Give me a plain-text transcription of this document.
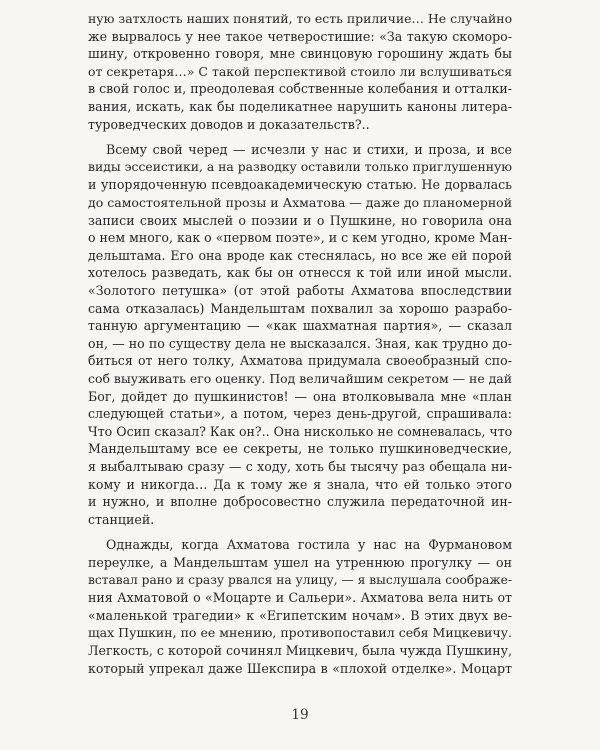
ную затхлость наших понятий, то есть приличие… Не случайно
же вырвалось у нее такое четверостишие: «За такую скоморо-
шину, откровенно говоря, мне свинцовую горошину ждать бы
от секретаря…» С такой перспективой стоило ли вслушиваться
в свой голос и, преодолевая собственные колебания и отталки-
вания, искать, как бы поделикатнее нарушить каноны литера-
туроведческих доводов и доказательств?..
Всему свой черед — исчезли у нас и стихи, и проза, и все
виды эссеистики, а на разводку оставили только приглушенную
и упорядоченную псевдоакадемическую статью. Не дорвалась
до самостоятельной прозы и Ахматова — даже до планомерной
записи своих мыслей о поэзии и о Пушкине, но говорила она
о нем много, как о «первом поэте», и с кем угодно, кроме Ман-
дельштама. Его она вроде как стеснялась, но все же ей порой
хотелось разведать, как бы он отнесся к той или иной мысли.
«Золотого петушка» (от этой работы Ахматова впоследствии
сама отказалась) Мандельштам похвалил за хорошо разрабо-
танную аргументацию — «как шахматная партия», — сказал
он, — но по существу дела не высказался. Зная, как трудно до-
биться от него толку, Ахматова придумала своеобразный спо-
соб выуживать его оценку. Под величайшим секретом — не дай
Бог, дойдет до пушкинистов! — она втолковывала мне «план
следующей статьи», а потом, через день-другой, спрашивала:
Что Осип сказал? Как он?.. Она нисколько не сомневалась, что
Мандельштаму все ее секреты, не только пушкиноведческие,
я выбалтываю сразу — с ходу, хоть бы тысячу раз обещала ни-
кому и никогда… Да к тому же я знала, что ей только этого
и нужно, и вполне добросовестно служила передаточной ин-
станцией.
Однажды, когда Ахматова гостила у нас на Фурмановом
переулке, а Мандельштам ушел на утреннюю прогулку — он
вставал рано и сразу рвался на улицу, — я выслушала соображе-
ния Ахматовой о «Моцарте и Сальери». Ахматова вела нить от
«маленькой трагедии» к «Египетским ночам». В этих двух ве-
щах Пушкин, по ее мнению, противопоставил себя Мицкевичу.
Легкость, с которой сочинял Мицкевич, была чужда Пушкину,
который упрекал даже Шекспира в «плохой отделке». Моцарт
19
